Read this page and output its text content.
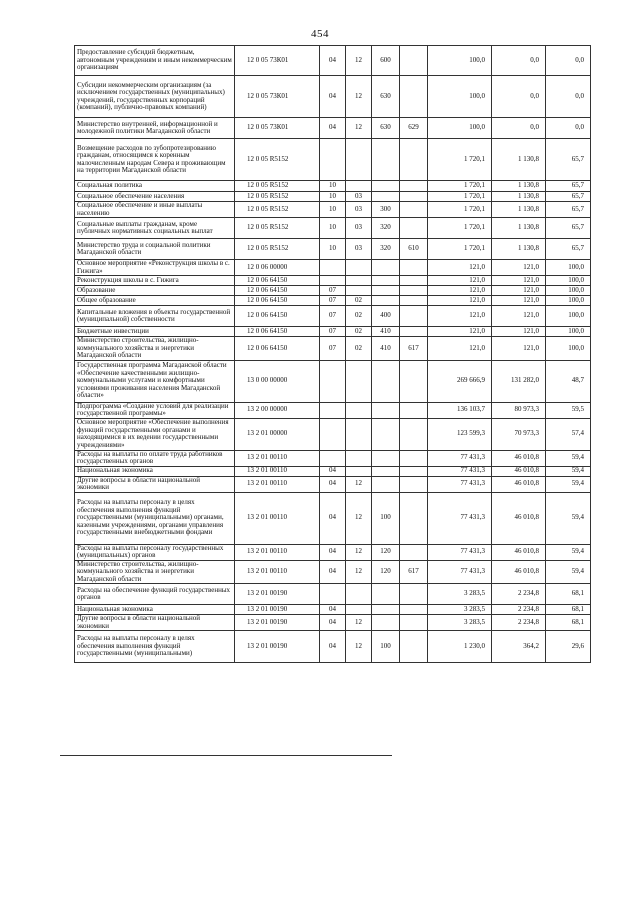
454
Предоставление субсидий бюджетным, автономным учреждениям и иным некоммерческим организациям	12 0 05 73К01	04	12	600		100,0	0,0	0,0
Субсидии некоммерческим организациям (за исключением государственных (муниципальных) учреждений, государственных корпораций (компаний), публично-правовых компаний)	12 0 05 73К01	04	12	630		100,0	0,0	0,0
Министерство внутренней, информационной и молодежной политики Магаданской области	12 0 05 73К01	04	12	630	629	100,0	0,0	0,0
Возмещение расходов по зубопротезированию гражданам, относящимся к коренным малочисленным народам Севера и проживающим на территории Магаданской области	12 0 05 R5152					1 720,1	1 130,8	65,7
Социальная политика	12 0 05 R5152	10				1 720,1	1 130,8	65,7
Социальное обеспечение населения	12 0 05 R5152	10	03			1 720,1	1 130,8	65,7
Социальное обеспечение и иные выплаты населению	12 0 05 R5152	10	03	300		1 720,1	1 130,8	65,7
Социальные выплаты гражданам, кроме публичных нормативных социальных выплат	12 0 05 R5152	10	03	320		1 720,1	1 130,8	65,7
Министерство труда и социальной политики Магаданской области	12 0 05 R5152	10	03	320	610	1 720,1	1 130,8	65,7
Основное мероприятие «Реконструкция школы в с. Гижига»	12 0 06 00000					121,0	121,0	100,0
Реконструкция школы в с. Гижига	12 0 06 64150					121,0	121,0	100,0
Образование	12 0 06 64150	07				121,0	121,0	100,0
Общее образование	12 0 06 64150	07	02			121,0	121,0	100,0
Капитальные вложения в объекты государственной (муниципальной) собственности	12 0 06 64150	07	02	400		121,0	121,0	100,0
Бюджетные инвестиции	12 0 06 64150	07	02	410		121,0	121,0	100,0
Министерство строительства, жилищно-коммунального хозяйства и энергетики Магаданской области	12 0 06 64150	07	02	410	617	121,0	121,0	100,0
Государственная программа Магаданской области «Обеспечение качественными жилищно-коммунальными услугами и комфортными условиями проживания населения Магаданской области»	13 0 00 00000					269 666,9	131 282,0	48,7
Подпрограмма «Создание условий для реализации государственной программы»	13 2 00 00000					136 103,7	80 973,3	59,5
Основное мероприятие «Обеспечение выполнения функций государственными органами и находящимися в их ведении государственными учреждениями»	13 2 01 00000					123 599,3	70 973,3	57,4
Расходы на выплаты по оплате труда работников государственных органов	13 2 01 00110					77 431,3	46 010,8	59,4
Национальная экономика	13 2 01 00110	04				77 431,3	46 010,8	59,4
Другие вопросы в области национальной экономики	13 2 01 00110	04	12			77 431,3	46 010,8	59,4
Расходы на выплаты персоналу в целях обеспечения выполнения функций государственными (муниципальными) органами, казенными учреждениями, органами управления государственными внебюджетными фондами	13 2 01 00110	04	12	100		77 431,3	46 010,8	59,4
Расходы на выплаты персоналу государственных (муниципальных) органов	13 2 01 00110	04	12	120		77 431,3	46 010,8	59,4
Министерство строительства, жилищно-коммунального хозяйства и энергетики Магаданской области	13 2 01 00110	04	12	120	617	77 431,3	46 010,8	59,4
Расходы на обеспечение функций государственных органов	13 2 01 00190					3 283,5	2 234,8	68,1
Национальная экономика	13 2 01 00190	04				3 283,5	2 234,8	68,1
Другие вопросы в области национальной экономики	13 2 01 00190	04	12			3 283,5	2 234,8	68,1
Расходы на выплаты персоналу в целях обеспечения выполнения функций государственными (муниципальными)	13 2 01 00190	04	12	100		1 230,0	364,2	29,6
